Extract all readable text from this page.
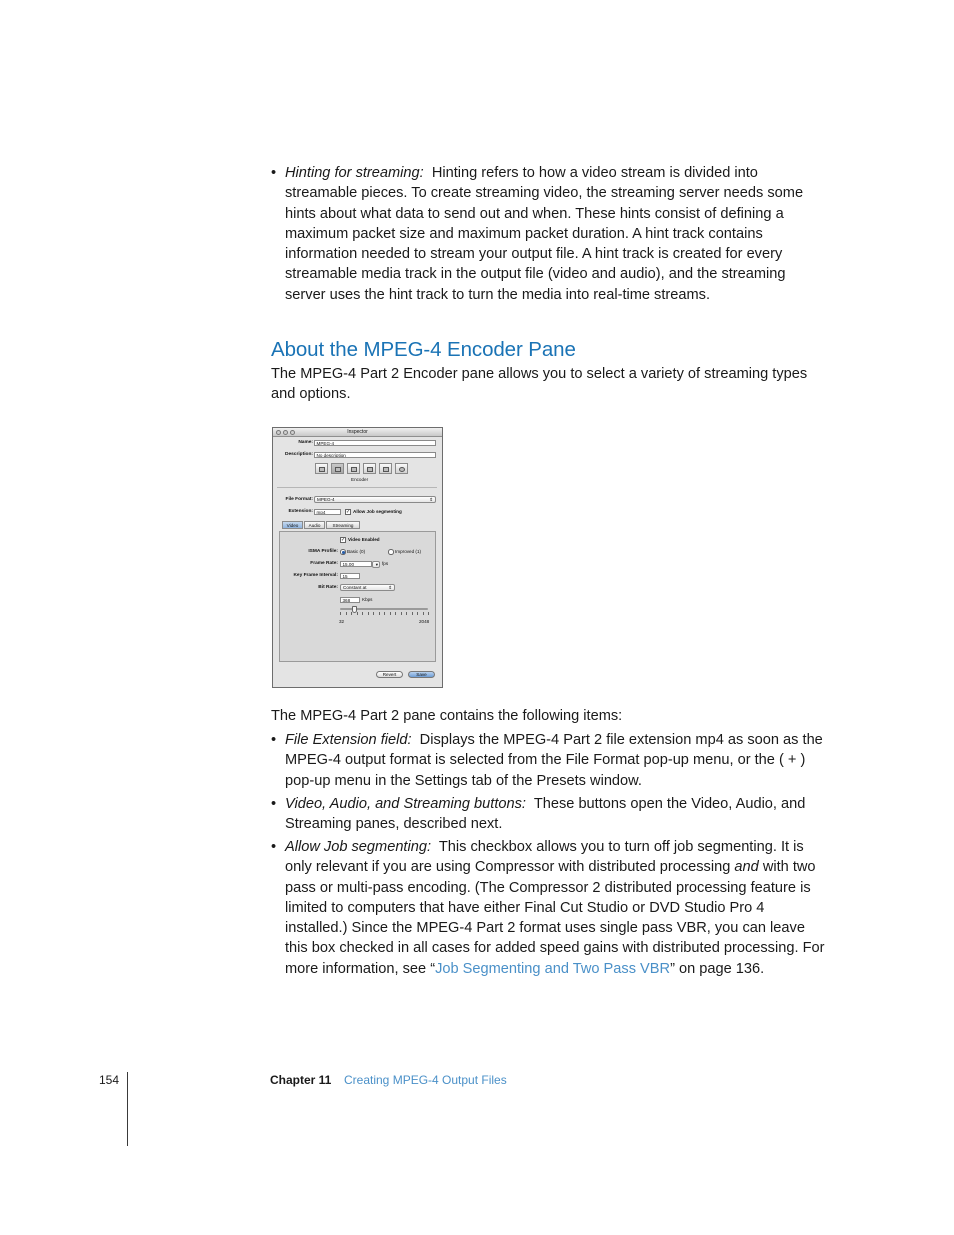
• Hinting for streaming: Hinting refers to how a video stream is divided into streamable pieces. To create streaming video, the streaming server needs some hints about what data to send out and when. These hints consist of defining a maximum packet size and maximum packet duration. A hint track contains information needed to stream your output file. A hint track is created for every streamable media track in the output file (video and audio), and the streaming server uses the hint track to turn the media into real-time streams.
About the MPEG-4 Encoder Pane
The MPEG-4 Part 2 Encoder pane allows you to select a variety of streaming types and options.
Inspector
Name: MPEG-4
Description: No description
Encoder
File Format: MPEG-4	⇕
Extension: mp4	✓ Allow Job segmenting
Video	Audio	Streaming
✓ Video Enabled
ISMA Profile: Basic (0)	Improved (1)
Frame Rate: 15.00	▾ fps
Key Frame Interval: 15
Bit Rate:	Constant at	⇕
368	Kbps
32	2048
Revert	Save
The MPEG-4 Part 2 pane contains the following items:
• File Extension field: Displays the MPEG-4 Part 2 file extension mp4 as soon as the MPEG-4 output format is selected from the File Format pop-up menu, or the ( + ) pop-up menu in the Settings tab of the Presets window.
• Video, Audio, and Streaming buttons: These buttons open the Video, Audio, and Streaming panes, described next.
• Allow Job segmenting: This checkbox allows you to turn off job segmenting. It is only relevant if you are using Compressor with distributed processing and with two pass or multi-pass encoding. (The Compressor 2 distributed processing feature is limited to computers that have either Final Cut Studio or DVD Studio Pro 4 installed.) Since the MPEG-4 Part 2 format uses single pass VBR, you can leave this box checked in all cases for added speed gains with distributed processing. For more information, see “Job Segmenting and Two Pass VBR” on page 136.
154	Chapter 11 Creating MPEG-4 Output Files
